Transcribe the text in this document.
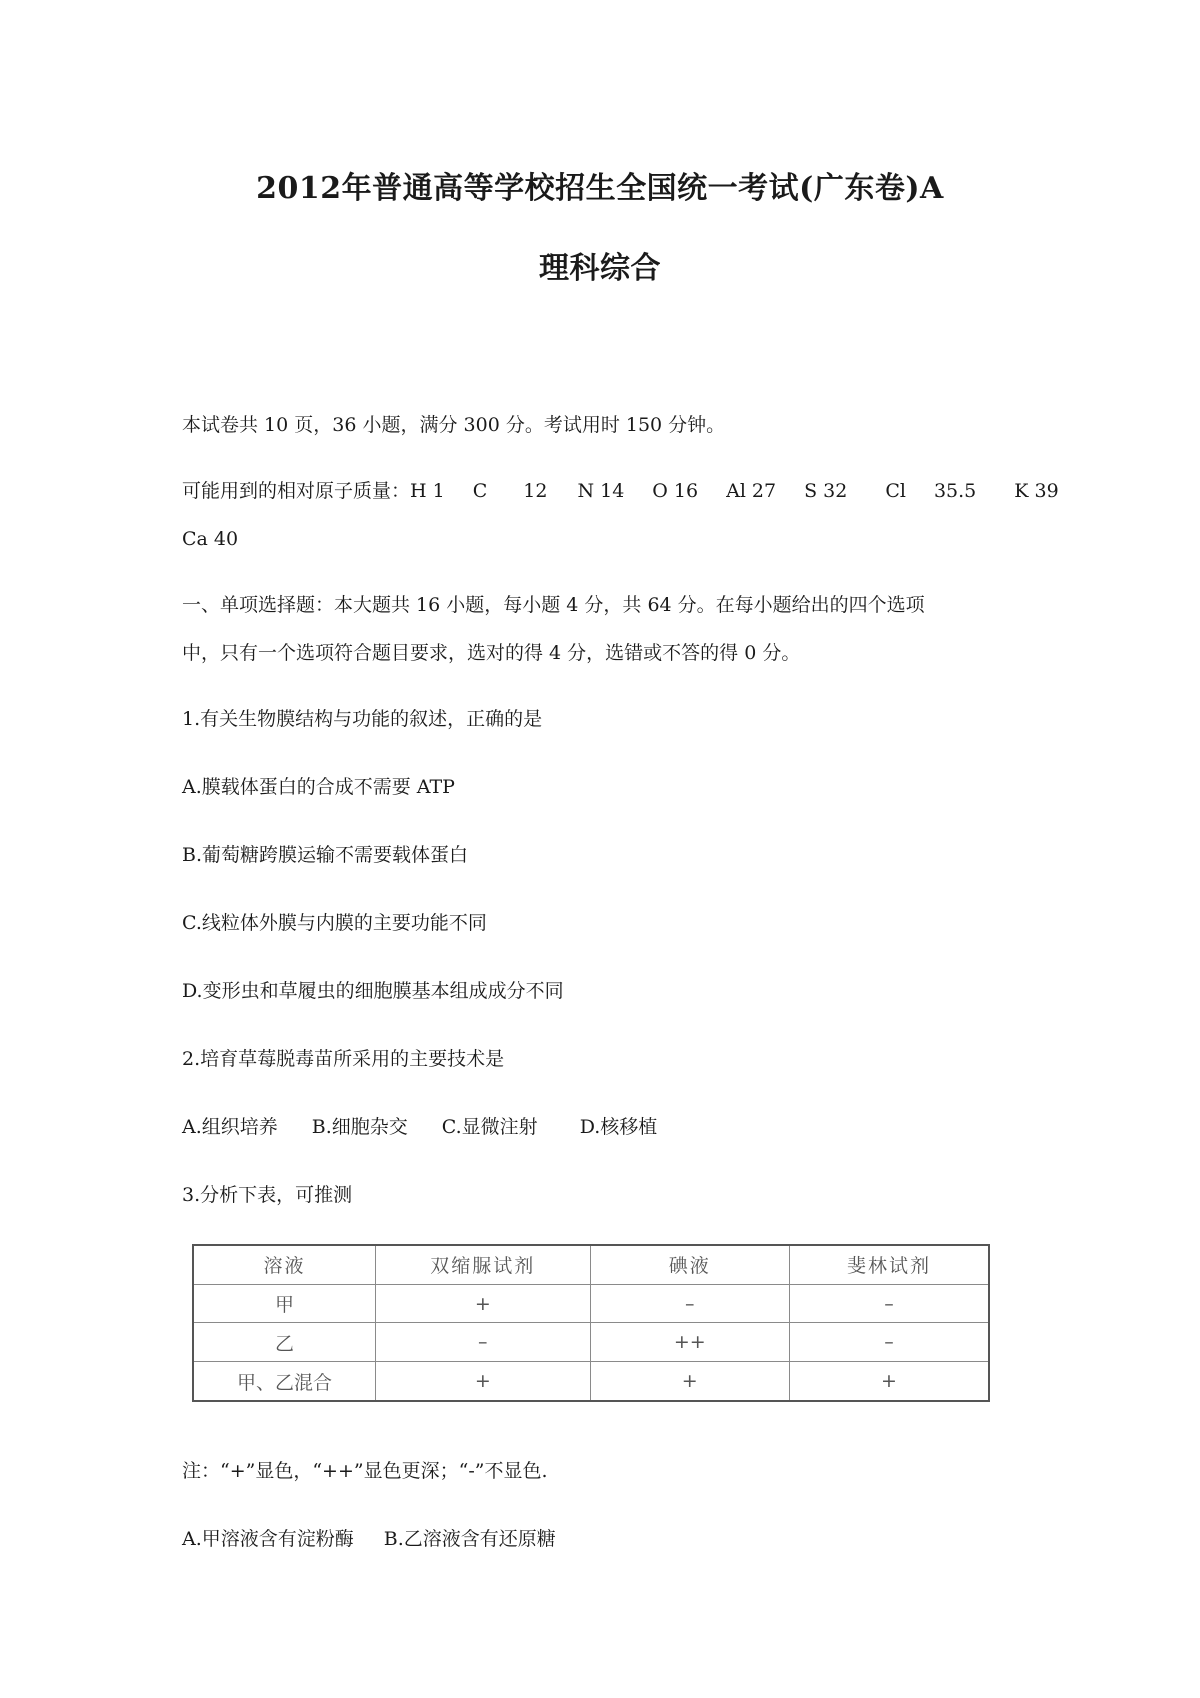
2012年普通高等学校招生全国统一考试(广东卷)A
理科综合
本试卷共 10 页，36 小题，满分 300 分。考试用时 150 分钟。
可能用到的相对原子质量：H 1 C 12 N 14 O 16 Al 27 S 32 Cl 35.5 K 39
Ca 40
一、单项选择题：本大题共 16 小题，每小题 4 分，共 64 分。在每小题给出的四个选项
中，只有一个选项符合题目要求，选对的得 4 分，选错或不答的得 0 分。
1.有关生物膜结构与功能的叙述，正确的是
A.膜载体蛋白的合成不需要 ATP
B.葡萄糖跨膜运输不需要载体蛋白
C.线粒体外膜与内膜的主要功能不同
D.变形虫和草履虫的细胞膜基本组成成分不同
2.培育草莓脱毒苗所采用的主要技术是
A.组织培养 B.细胞杂交 C.显微注射 D.核移植
3.分析下表，可推测
溶液	双缩脲试剂	碘液	斐林试剂
甲	+	–	–
乙	–	++	–
甲、乙混合	+	+	+
注：“+”显色，“++”显色更深；“-”不显色.
A.甲溶液含有淀粉酶 B.乙溶液含有还原糖
